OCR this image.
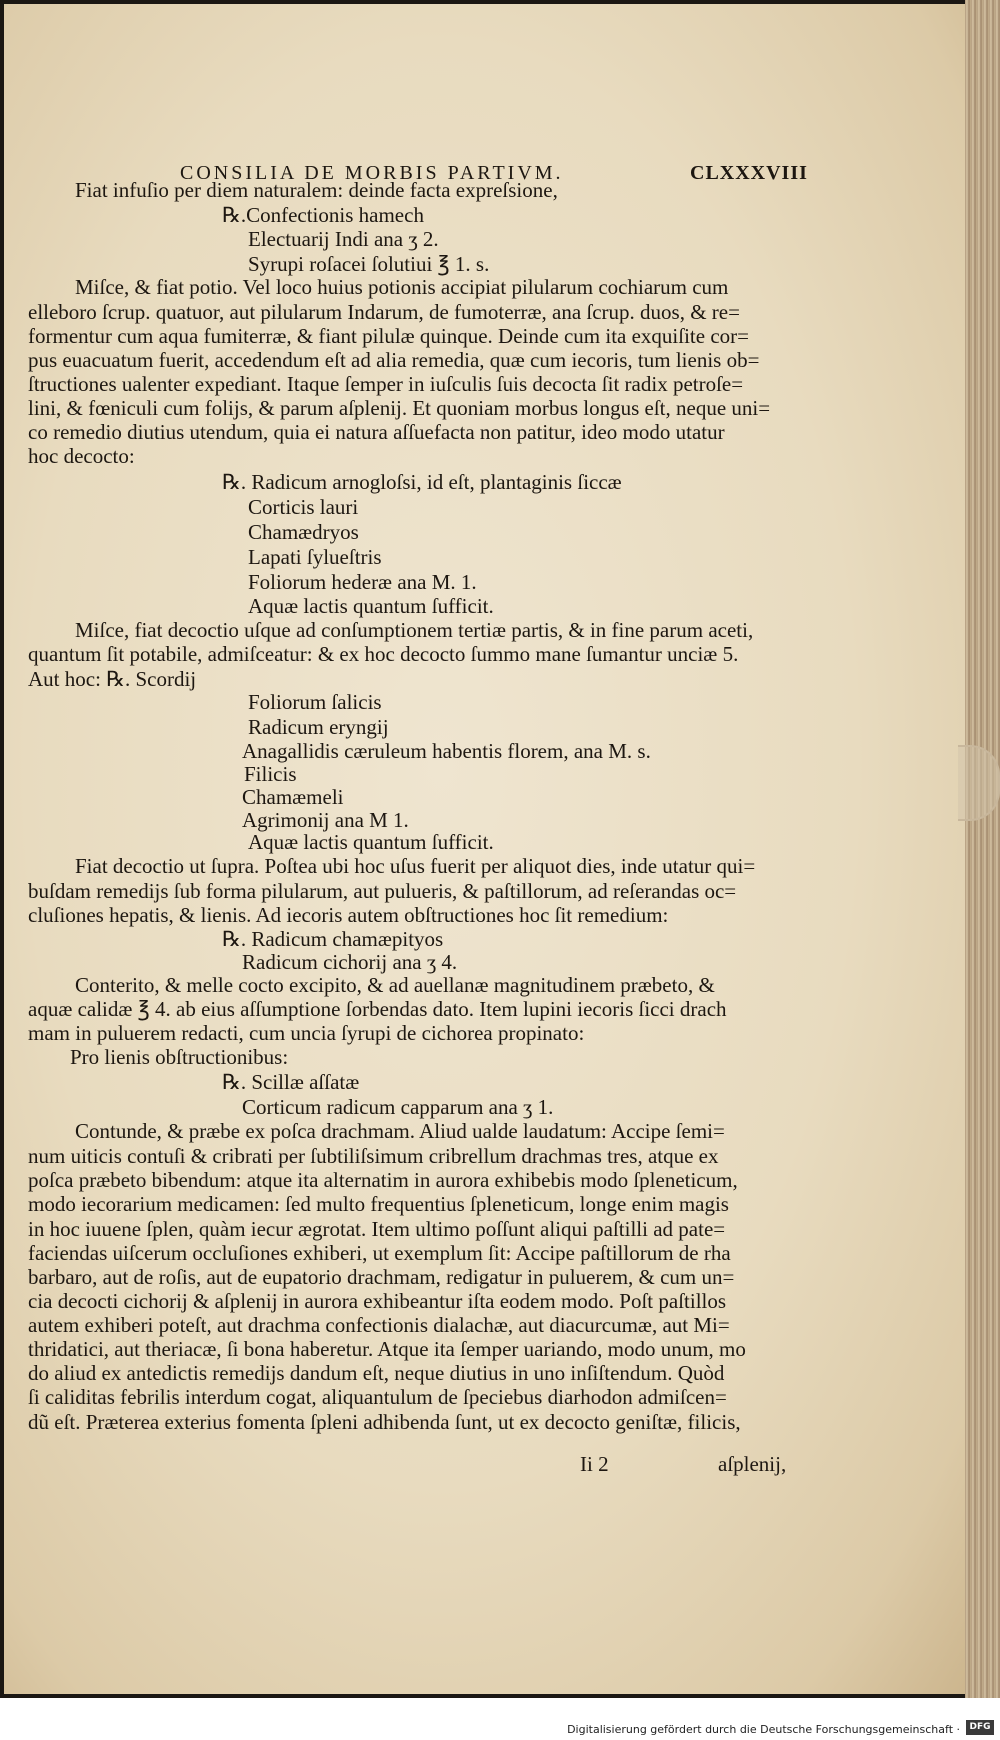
CONSILIA DE MORBIS PARTIVM.	CLXXXVIII
Fiat infuſio per diem naturalem: deinde facta expreſsione,
℞.Confectionis hamech
Electuarij Indi ana ʒ 2.
Syrupi roſacei ſolutiui ℥ 1. s.
Miſce, & fiat potio. Vel loco huius potionis accipiat pilularum cochiarum cum
elleboro ſcrup. quatuor, aut pilularum Indarum, de fumoterræ, ana ſcrup. duos, & re=
formentur cum aqua fumiterræ, & fiant pilulæ quinque. Deinde cum ita exquiſite cor=
pus euacuatum fuerit, accedendum eſt ad alia remedia, quæ cum iecoris, tum lienis ob=
ſtructiones ualenter expediant. Itaque ſemper in iuſculis ſuis decocta ſit radix petroſe=
lini, & fœniculi cum folijs, & parum aſplenij. Et quoniam morbus longus eſt, neque uni=
co remedio diutius utendum, quia ei natura aſſuefacta non patitur, ideo modo utatur
hoc decocto:
℞. Radicum arnogloſsi, id eſt, plantaginis ſiccæ
Corticis lauri
Chamædryos
Lapati ſylueſtris
Foliorum hederæ ana M. 1.
Aquæ lactis quantum ſufficit.
Miſce, fiat decoctio uſque ad conſumptionem tertiæ partis, & in fine parum aceti,
quantum ſit potabile, admiſceatur: & ex hoc decocto ſummo mane ſumantur unciæ 5.
Aut hoc: ℞. Scordij
Foliorum ſalicis
Radicum eryngij
Anagallidis cæruleum habentis florem, ana M. s.
Filicis
Chamæmeli
Agrimonij ana M 1.
Aquæ lactis quantum ſufficit.
Fiat decoctio ut ſupra. Poſtea ubi hoc uſus fuerit per aliquot dies, inde utatur qui=
buſdam remedijs ſub forma pilularum, aut pulueris, & paſtillorum, ad reſerandas oc=
cluſiones hepatis, & lienis. Ad iecoris autem obſtructiones hoc ſit remedium:
℞. Radicum chamæpityos
Radicum cichorij ana ʒ 4.
Conterito, & melle cocto excipito, & ad auellanæ magnitudinem præbeto, &
aquæ calidæ ℥ 4. ab eius aſſumptione ſorbendas dato. Item lupini iecoris ſicci drach
mam in puluerem redacti, cum uncia ſyrupi de cichorea propinato:
Pro lienis obſtructionibus:
℞. Scillæ aſſatæ
Corticum radicum capparum ana ʒ 1.
Contunde, & præbe ex poſca drachmam. Aliud ualde laudatum: Accipe ſemi=
num uiticis contuſi & cribrati per ſubtiliſsimum cribrellum drachmas tres, atque ex
poſca præbeto bibendum: atque ita alternatim in aurora exhibebis modo ſpleneticum,
modo iecorarium medicamen: ſed multo frequentius ſpleneticum, longe enim magis
in hoc iuuene ſplen, quàm iecur ægrotat. Item ultimo poſſunt aliqui paſtilli ad pate=
faciendas uiſcerum occluſiones exhiberi, ut exemplum ſit: Accipe paſtillorum de rha
barbaro, aut de roſis, aut de eupatorio drachmam, redigatur in puluerem, & cum un=
cia decocti cichorij & aſplenij in aurora exhibeantur iſta eodem modo. Poſt paſtillos
autem exhiberi poteſt, aut drachma confectionis dialachæ, aut diacurcumæ, aut Mi=
thridatici, aut theriacæ, ſi bona haberetur. Atque ita ſemper uariando, modo unum, mo
do aliud ex antedictis remedijs dandum eſt, neque diutius in uno inſiſtendum. Quòd
ſi caliditas febrilis interdum cogat, aliquantulum de ſpeciebus diarhodon admiſcen=
dũ eſt. Præterea exterius fomenta ſpleni adhibenda ſunt, ut ex decocto geniſtæ, filicis,
Ii 2	aſplenij,
Digitalisierung gefördert durch die Deutsche Forschungsgemeinschaft ·	DFG
